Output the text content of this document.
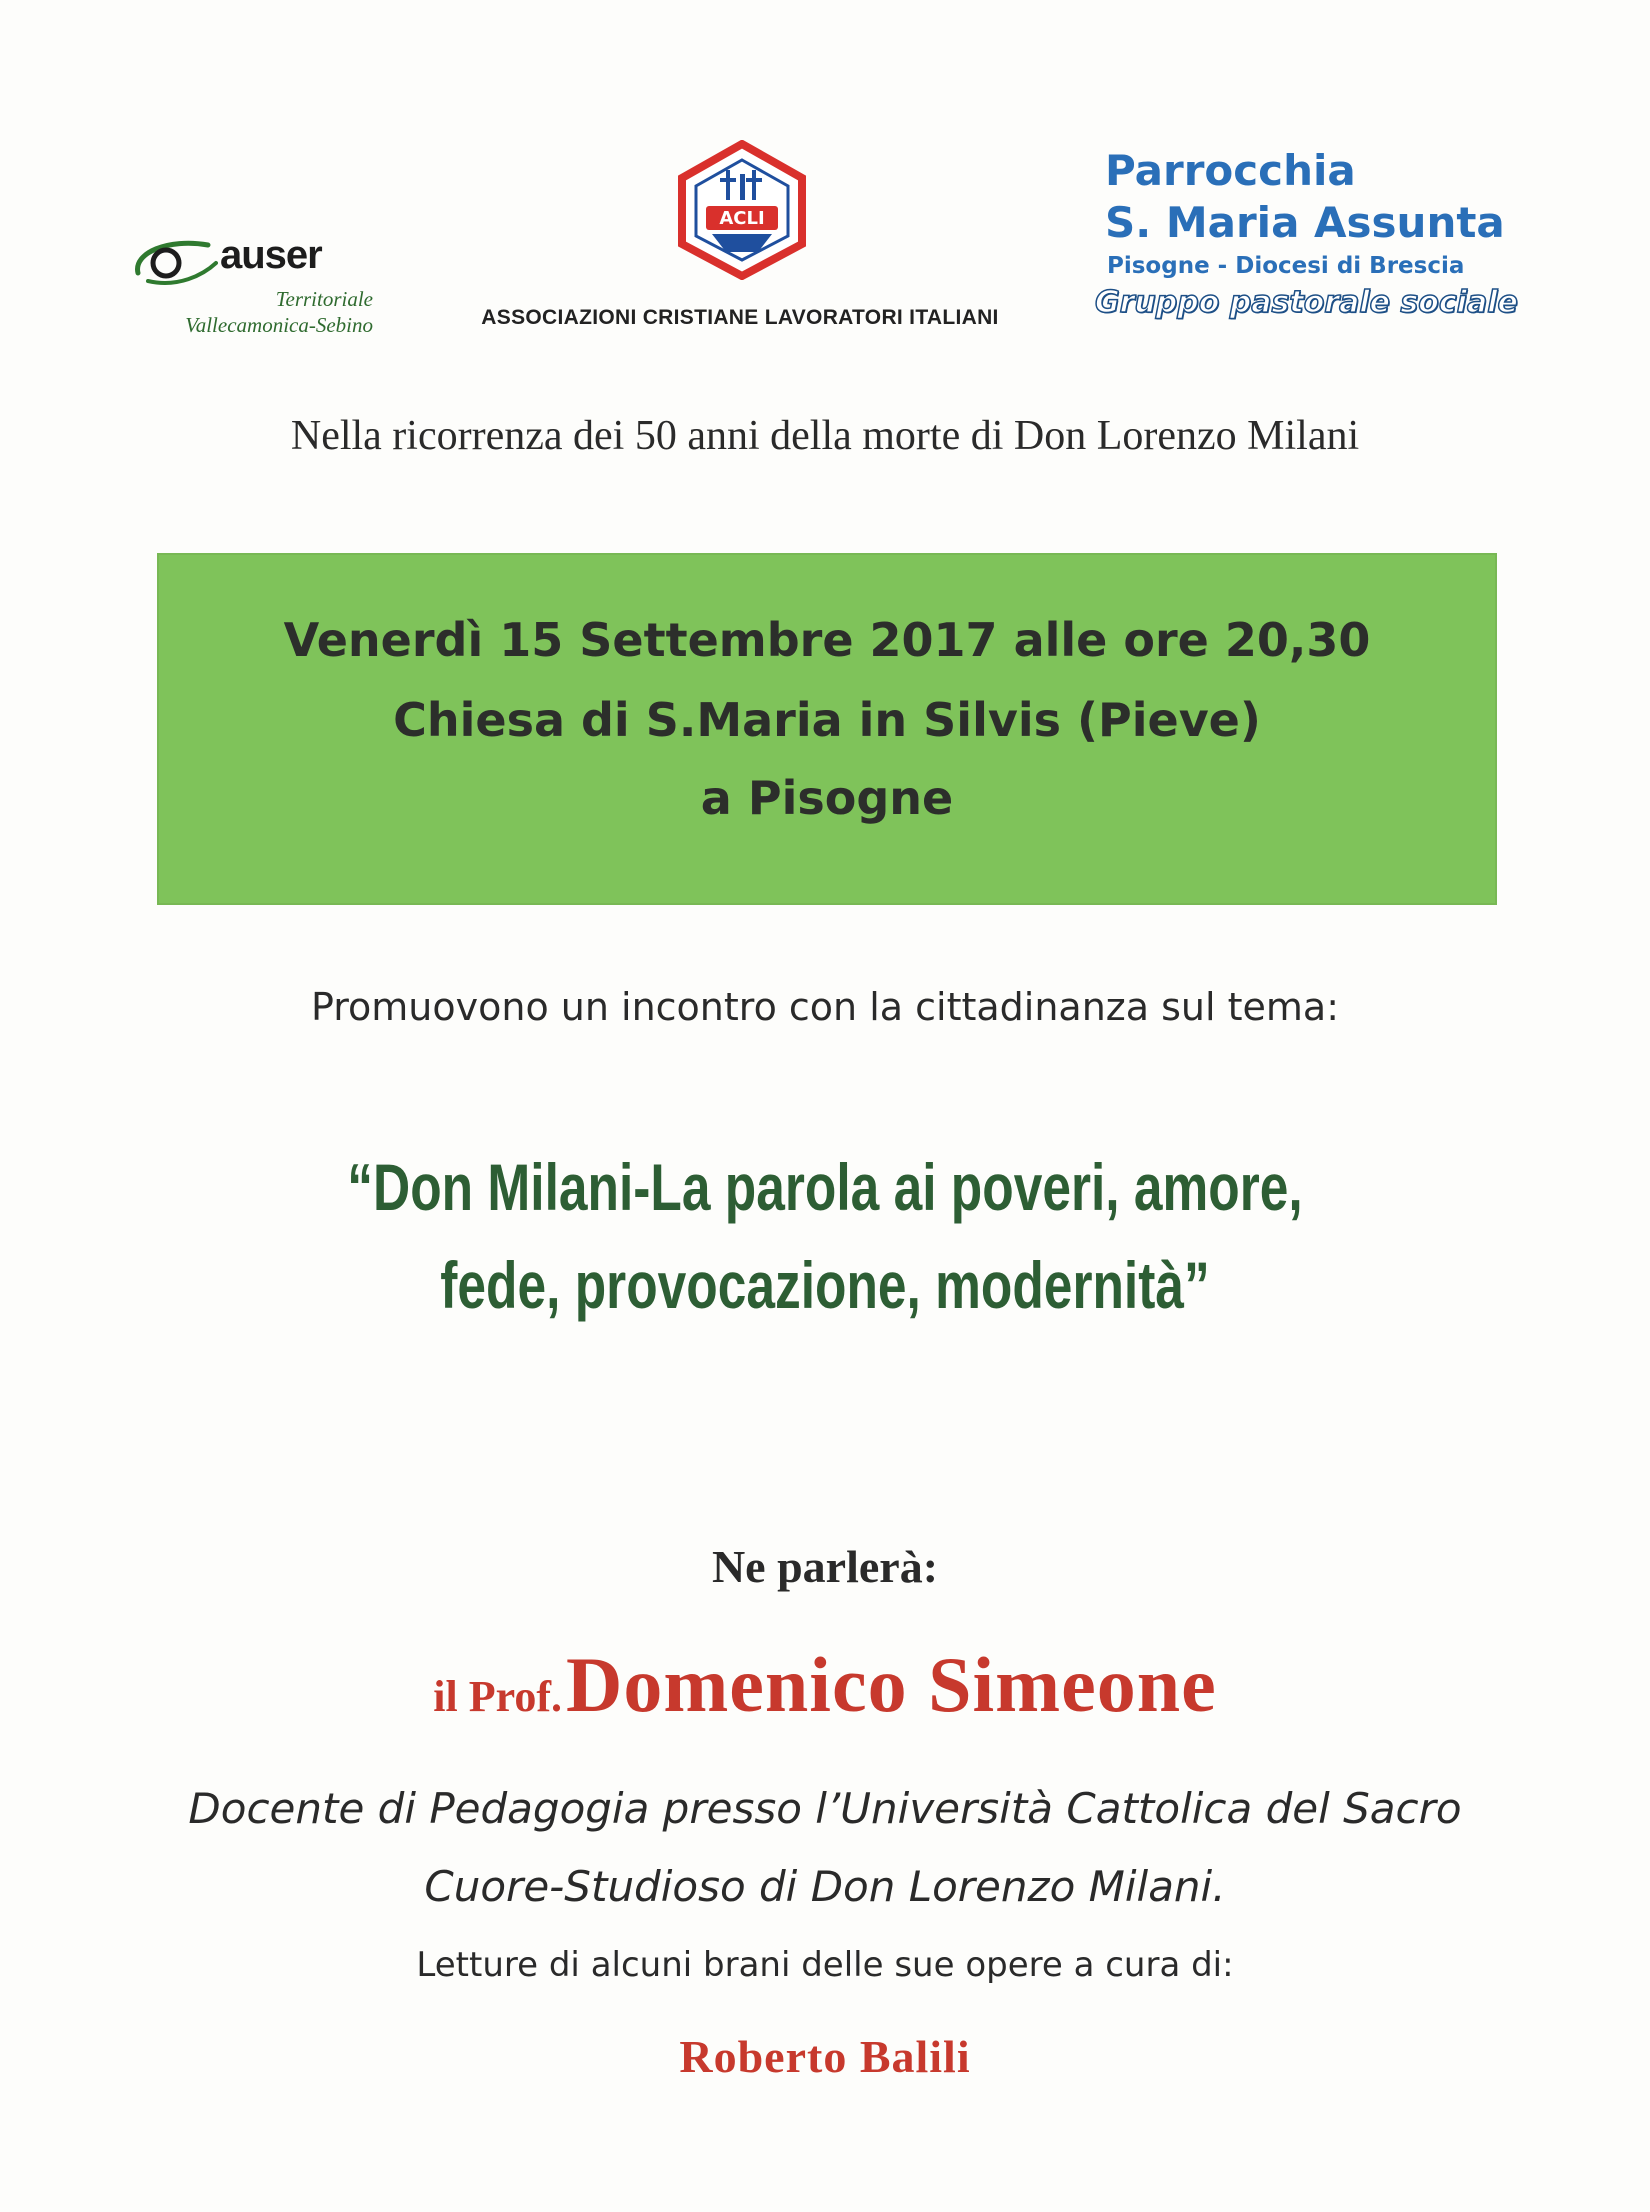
auser
Territoriale
Vallecamonica-Sebino
ACLI
ASSOCIAZIONI CRISTIANE LAVORATORI ITALIANI
Parrocchia
S. Maria Assunta
Pisogne - Diocesi di Brescia
Gruppo pastorale sociale
Nella ricorrenza dei 50 anni della morte di Don Lorenzo Milani
Venerdì 15 Settembre 2017 alle ore 20,30
Chiesa di S.Maria in Silvis (Pieve)
a Pisogne
Promuovono un incontro con la cittadinanza sul tema:
“Don Milani-La parola ai poveri, amore,
fede, provocazione, modernità”
Ne parlerà:
il Prof. Domenico Simeone
Docente di Pedagogia presso l’Università Cattolica del Sacro
Cuore-Studioso di Don Lorenzo Milani.
Letture di alcuni brani delle sue opere a cura di:
Roberto Balili
